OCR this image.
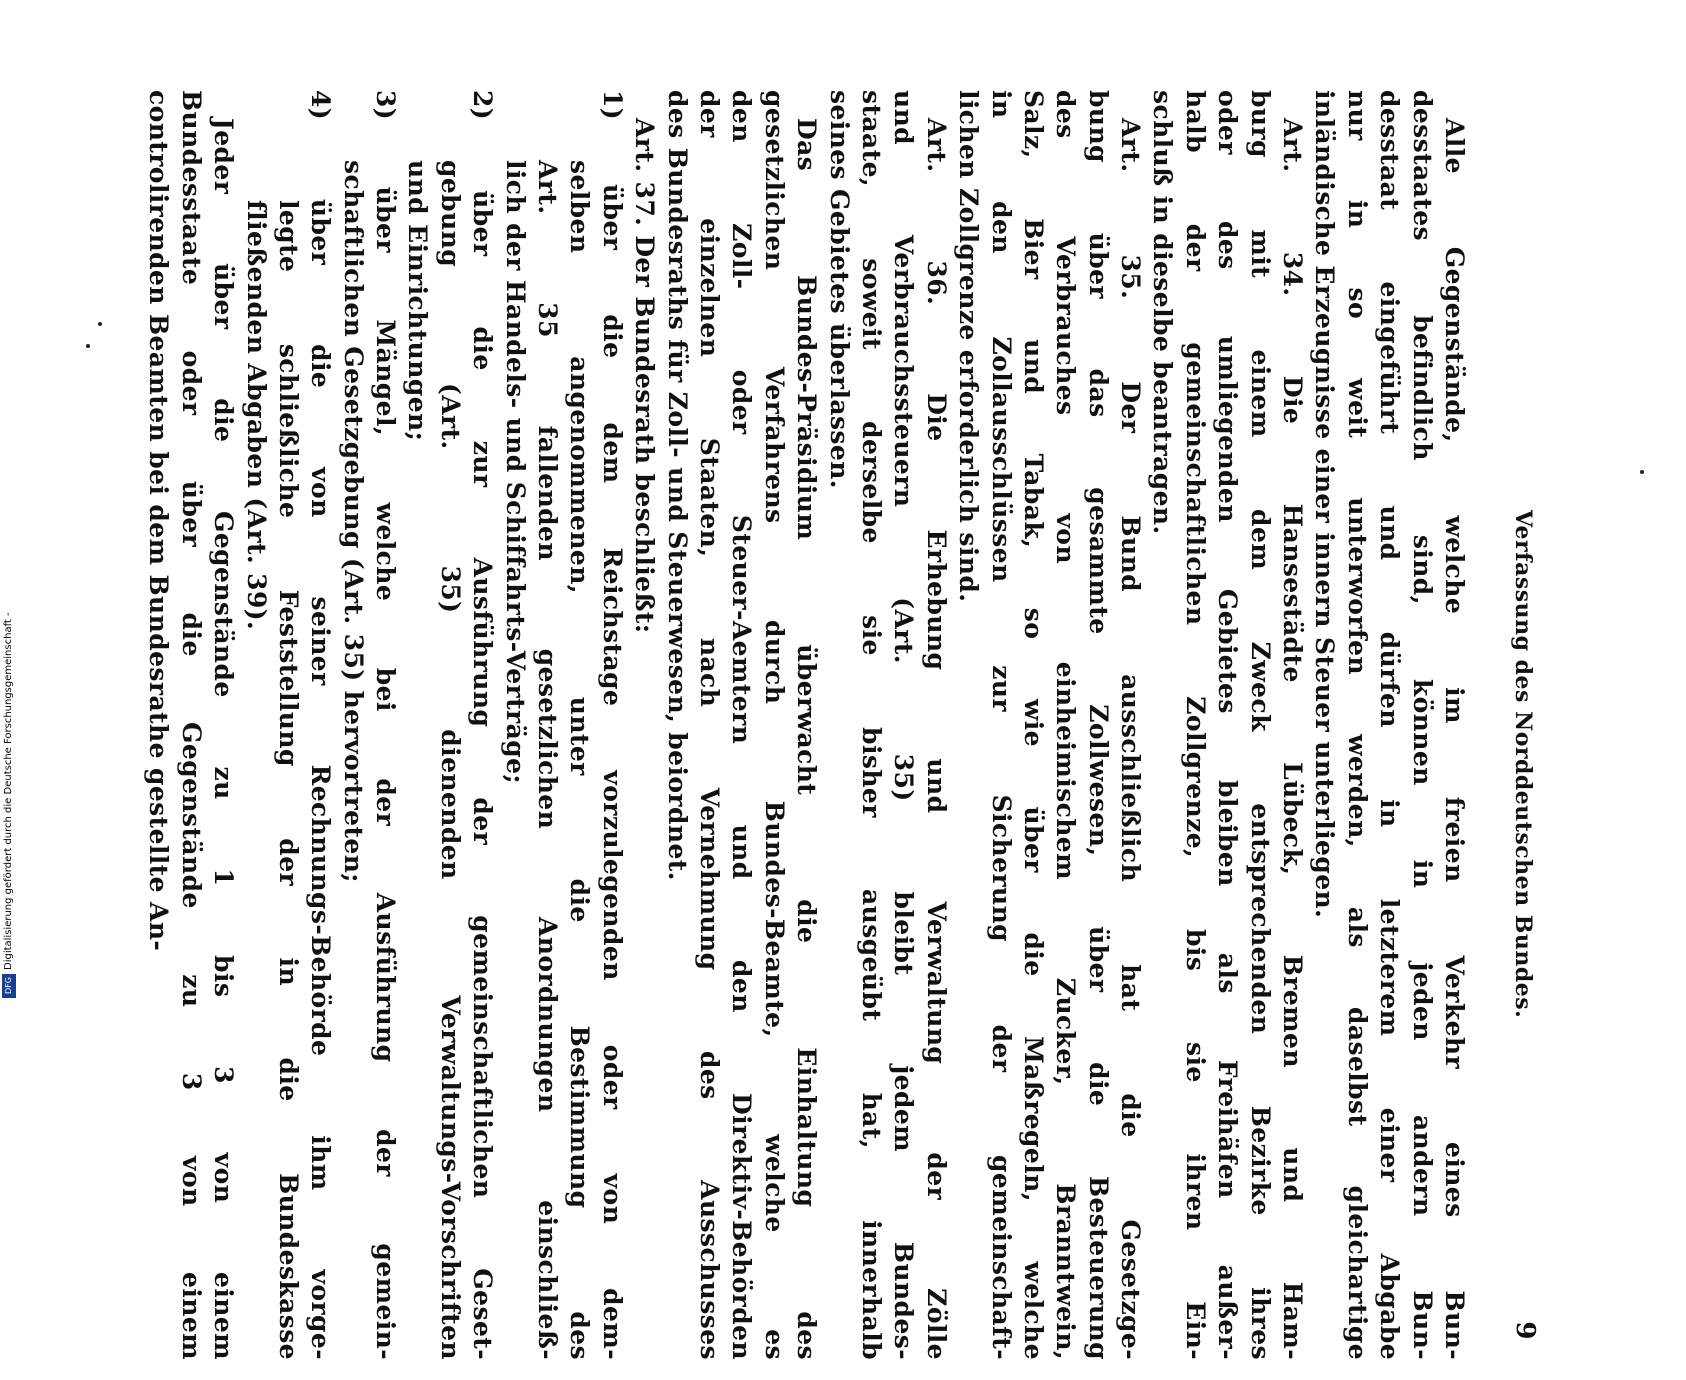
Verfassung des Norddeutschen Bundes.
9
Alle Gegenstände, welche im freien Verkehr eines Bun-
desstaates befindlich sind, können in jeden andern Bun-
desstaat eingeführt und dürfen in letzterem einer Abgabe
nur in so weit unterworfen werden, als daselbst gleichartige
inländische Erzeugnisse einer innern Steuer unterliegen.
Art. 34. Die Hansestädte Lübeck, Bremen und Ham-
burg mit einem dem Zweck entsprechenden Bezirke ihres
oder des umliegenden Gebietes bleiben als Freihäfen außer-
halb der gemeinschaftlichen Zollgrenze, bis sie ihren Ein-
schluß in dieselbe beantragen.
Art. 35. Der Bund ausschließlich hat die Gesetzge-
bung über das gesammte Zollwesen, über die Besteuerung
des Verbrauches von einheimischem Zucker, Branntwein,
Salz, Bier und Tabak, so wie über die Maßregeln, welche
in den Zollausschlüssen zur Sicherung der gemeinschaft-
lichen Zollgrenze erforderlich sind.
Art. 36. Die Erhebung und Verwaltung der Zölle
und Verbrauchssteuern (Art. 35) bleibt jedem Bundes-
staate, soweit derselbe sie bisher ausgeübt hat, innerhalb
seines Gebietes überlassen.
Das Bundes-Präsidium überwacht die Einhaltung des
gesetzlichen Verfahrens durch Bundes-Beamte, welche es
den Zoll- oder Steuer-Aemtern und den Direktiv-Behörden
der einzelnen Staaten, nach Vernehmung des Ausschusses
des Bundesraths für Zoll- und Steuerwesen, beiordnet.
Art. 37. Der Bundesrath beschließt:
1) über die dem Reichstage vorzulegenden oder von dem-
selben angenommenen, unter die Bestimmung des
Art. 35 fallenden gesetzlichen Anordnungen einschließ-
lich der Handels- und Schiffahrts-Verträge;
2) über die zur Ausführung der gemeinschaftlichen Geset-
gebung (Art. 35) dienenden Verwaltungs-Vorschriften
und Einrichtungen;
3) über Mängel, welche bei der Ausführung der gemein-
schaftlichen Gesetzgebung (Art. 35) hervortreten;
4) über die von seiner Rechnungs-Behörde ihm vorge-
legte schließliche Feststellung der in die Bundeskasse
fließenden Abgaben (Art. 39).
Jeder über die Gegenstände zu 1 bis 3 von einem
Bundesstaate oder über die Gegenstände zu 3 von einem
controlirenden Beamten bei dem Bundesrathe gestellte An-
Digitalisierung gefördert durch die Deutsche Forschungsgemeinschaft -
DFG
